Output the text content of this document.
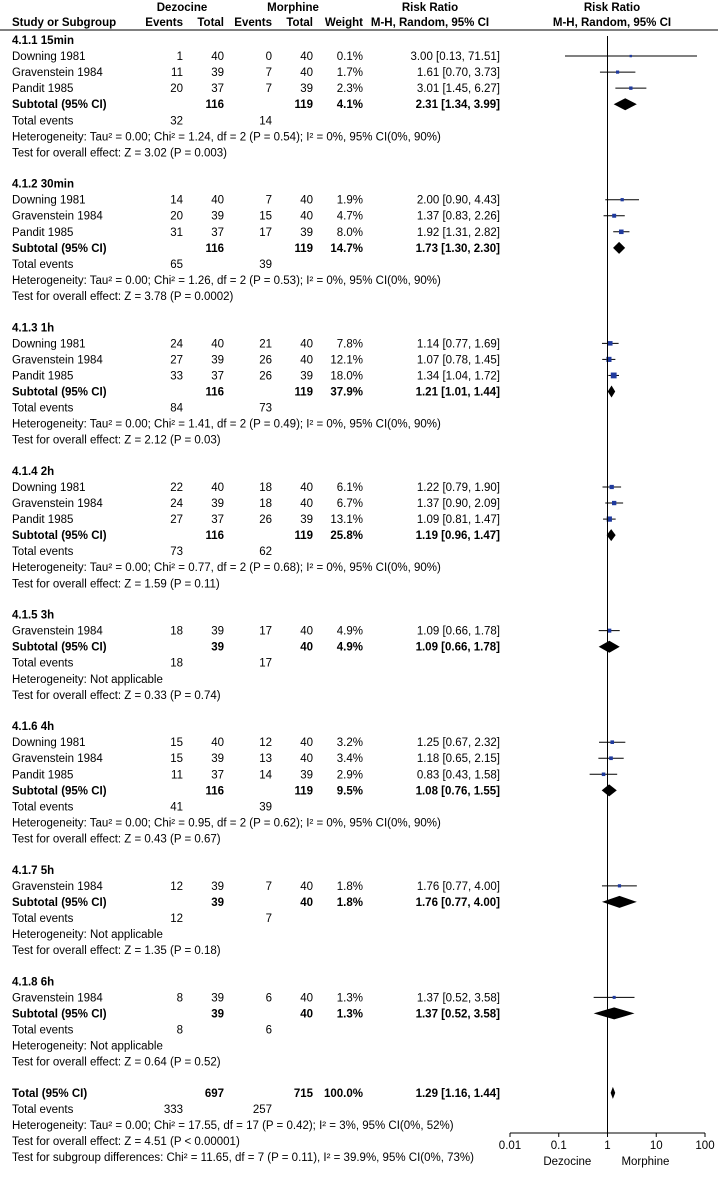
Dezocine	Morphine	Risk Ratio	Risk Ratio
Study or Subgroup	Events Total Events Total Weight M-H, Random, 95% CI	M-H, Random, 95% CI
4.1.1 15min
Downing 1981	1 40	0 40 0.1%	3.00 [0.13, 71.51]
Gravenstein 1984	11 39	7 40 1.7%	1.61 [0.70, 3.73]
Pandit 1985	20 37	7 39 2.3%	3.01 [1.45, 6.27]
Subtotal (95% CI)	116	119 4.1%	2.31 [1.34, 3.99]
Total events	32	14
Heterogeneity: Tau² = 0.00; Chi² = 1.24, df = 2 (P = 0.54); I² = 0%, 95% CI(0%, 90%)
Test for overall effect: Z = 3.02 (P = 0.003)
4.1.2 30min
Downing 1981	14 40	7 40 1.9%	2.00 [0.90, 4.43]
Gravenstein 1984	20 39	15 40 4.7%	1.37 [0.83, 2.26]
Pandit 1985	31 37	17 39 8.0%	1.92 [1.31, 2.82]
Subtotal (95% CI)	116	119 14.7%	1.73 [1.30, 2.30]
Total events	65	39
Heterogeneity: Tau² = 0.00; Chi² = 1.26, df = 2 (P = 0.53); I² = 0%, 95% CI(0%, 90%)
Test for overall effect: Z = 3.78 (P = 0.0002)
4.1.3 1h
Downing 1981	24 40	21 40 7.8%	1.14 [0.77, 1.69]
Gravenstein 1984	27 39	26 40 12.1%	1.07 [0.78, 1.45]
Pandit 1985	33 37	26 39 18.0%	1.34 [1.04, 1.72]
Subtotal (95% CI)	116	119 37.9%	1.21 [1.01, 1.44]
Total events	84	73
Heterogeneity: Tau² = 0.00; Chi² = 1.41, df = 2 (P = 0.49); I² = 0%, 95% CI(0%, 90%)
Test for overall effect: Z = 2.12 (P = 0.03)
4.1.4 2h
Downing 1981	22 40	18 40 6.1%	1.22 [0.79, 1.90]
Gravenstein 1984	24 39	18 40 6.7%	1.37 [0.90, 2.09]
Pandit 1985	27 37	26 39 13.1%	1.09 [0.81, 1.47]
Subtotal (95% CI)	116	119 25.8%	1.19 [0.96, 1.47]
Total events	73	62
Heterogeneity: Tau² = 0.00; Chi² = 0.77, df = 2 (P = 0.68); I² = 0%, 95% CI(0%, 90%)
Test for overall effect: Z = 1.59 (P = 0.11)
4.1.5 3h
Gravenstein 1984	18 39	17 40 4.9%	1.09 [0.66, 1.78]
Subtotal (95% CI)	39	40 4.9%	1.09 [0.66, 1.78]
Total events	18	17
Heterogeneity: Not applicable
Test for overall effect: Z = 0.33 (P = 0.74)
4.1.6 4h
Downing 1981	15 40	12 40 3.2%	1.25 [0.67, 2.32]
Gravenstein 1984	15 39	13 40 3.4%	1.18 [0.65, 2.15]
Pandit 1985	11 37	14 39 2.9%	0.83 [0.43, 1.58]
Subtotal (95% CI)	116	119 9.5%	1.08 [0.76, 1.55]
Total events	41	39
Heterogeneity: Tau² = 0.00; Chi² = 0.95, df = 2 (P = 0.62); I² = 0%, 95% CI(0%, 90%)
Test for overall effect: Z = 0.43 (P = 0.67)
4.1.7 5h
Gravenstein 1984	12 39	7 40 1.8%	1.76 [0.77, 4.00]
Subtotal (95% CI)	39	40 1.8%	1.76 [0.77, 4.00]
Total events	12	7
Heterogeneity: Not applicable
Test for overall effect: Z = 1.35 (P = 0.18)
4.1.8 6h
Gravenstein 1984	8 39	6 40 1.3%	1.37 [0.52, 3.58]
Subtotal (95% CI)	39	40 1.3%	1.37 [0.52, 3.58]
Total events	8	6
Heterogeneity: Not applicable
Test for overall effect: Z = 0.64 (P = 0.52)
Total (95% CI)	697	715 100.0%	1.29 [1.16, 1.44]
Total events	333	257
Heterogeneity: Tau² = 0.00; Chi² = 17.55, df = 17 (P = 0.42); I² = 3%, 95% CI(0%, 52%)
Test for overall effect: Z = 4.51 (P < 0.00001)
Test for subgroup differences: Chi² = 11.65, df = 7 (P = 0.11), I² = 39.9%, 95% CI(0%, 73%)
0.01	0.1	1	10	100
Dezocine	Morphine
